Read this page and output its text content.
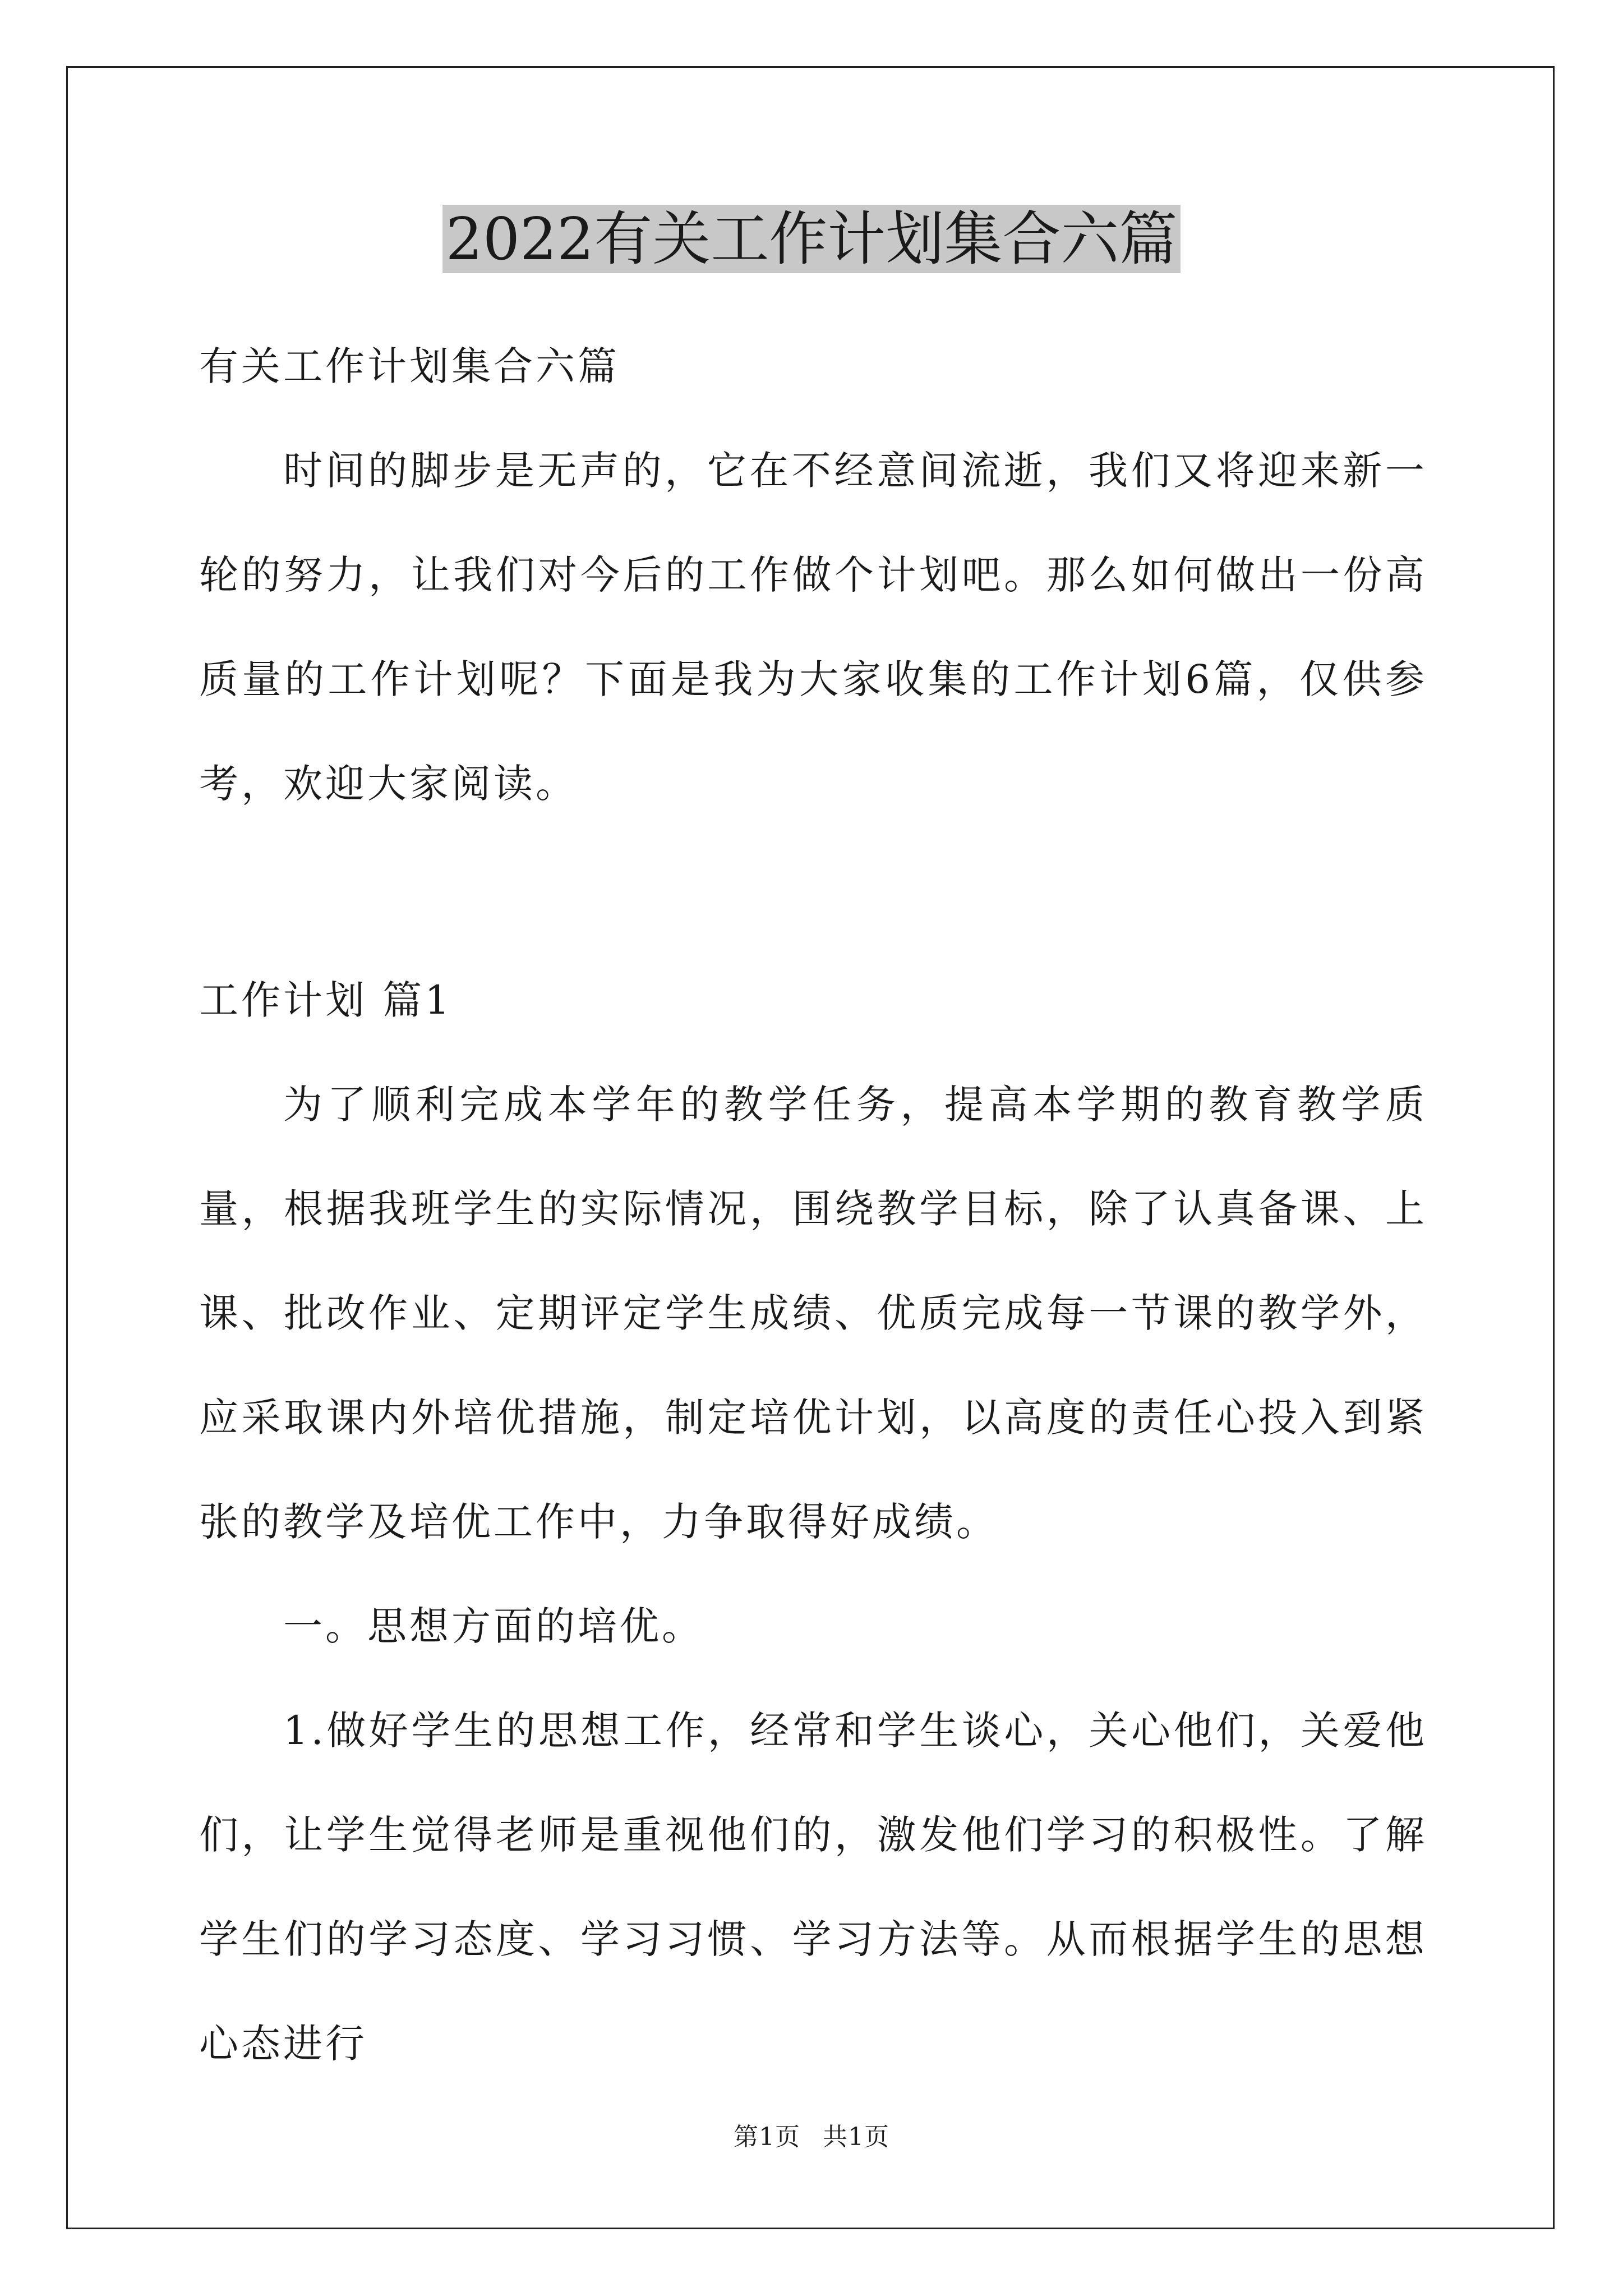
2022有关工作计划集合六篇

有关工作计划集合六篇

时间的脚步是无声的，它在不经意间流逝，我们又将迎来新一轮的努力，让我们对今后的工作做个计划吧。那么如何做出一份高质量的工作计划呢？下面是我为大家收集的工作计划6篇，仅供参考，欢迎大家阅读。

工作计划 篇1

为了顺利完成本学年的教学任务，提高本学期的教育教学质量，根据我班学生的实际情况，围绕教学目标，除了认真备课、上课、批改作业、定期评定学生成绩、优质完成每一节课的教学外，应采取课内外培优措施，制定培优计划，以高度的责任心投入到紧张的教学及培优工作中，力争取得好成绩。

一。思想方面的培优。

1.做好学生的思想工作，经常和学生谈心，关心他们，关爱他们，让学生觉得老师是重视他们的，激发他们学习的积极性。了解学生们的学习态度、学习习惯、学习方法等。从而根据学生的思想心态进行

第1页 共1页
